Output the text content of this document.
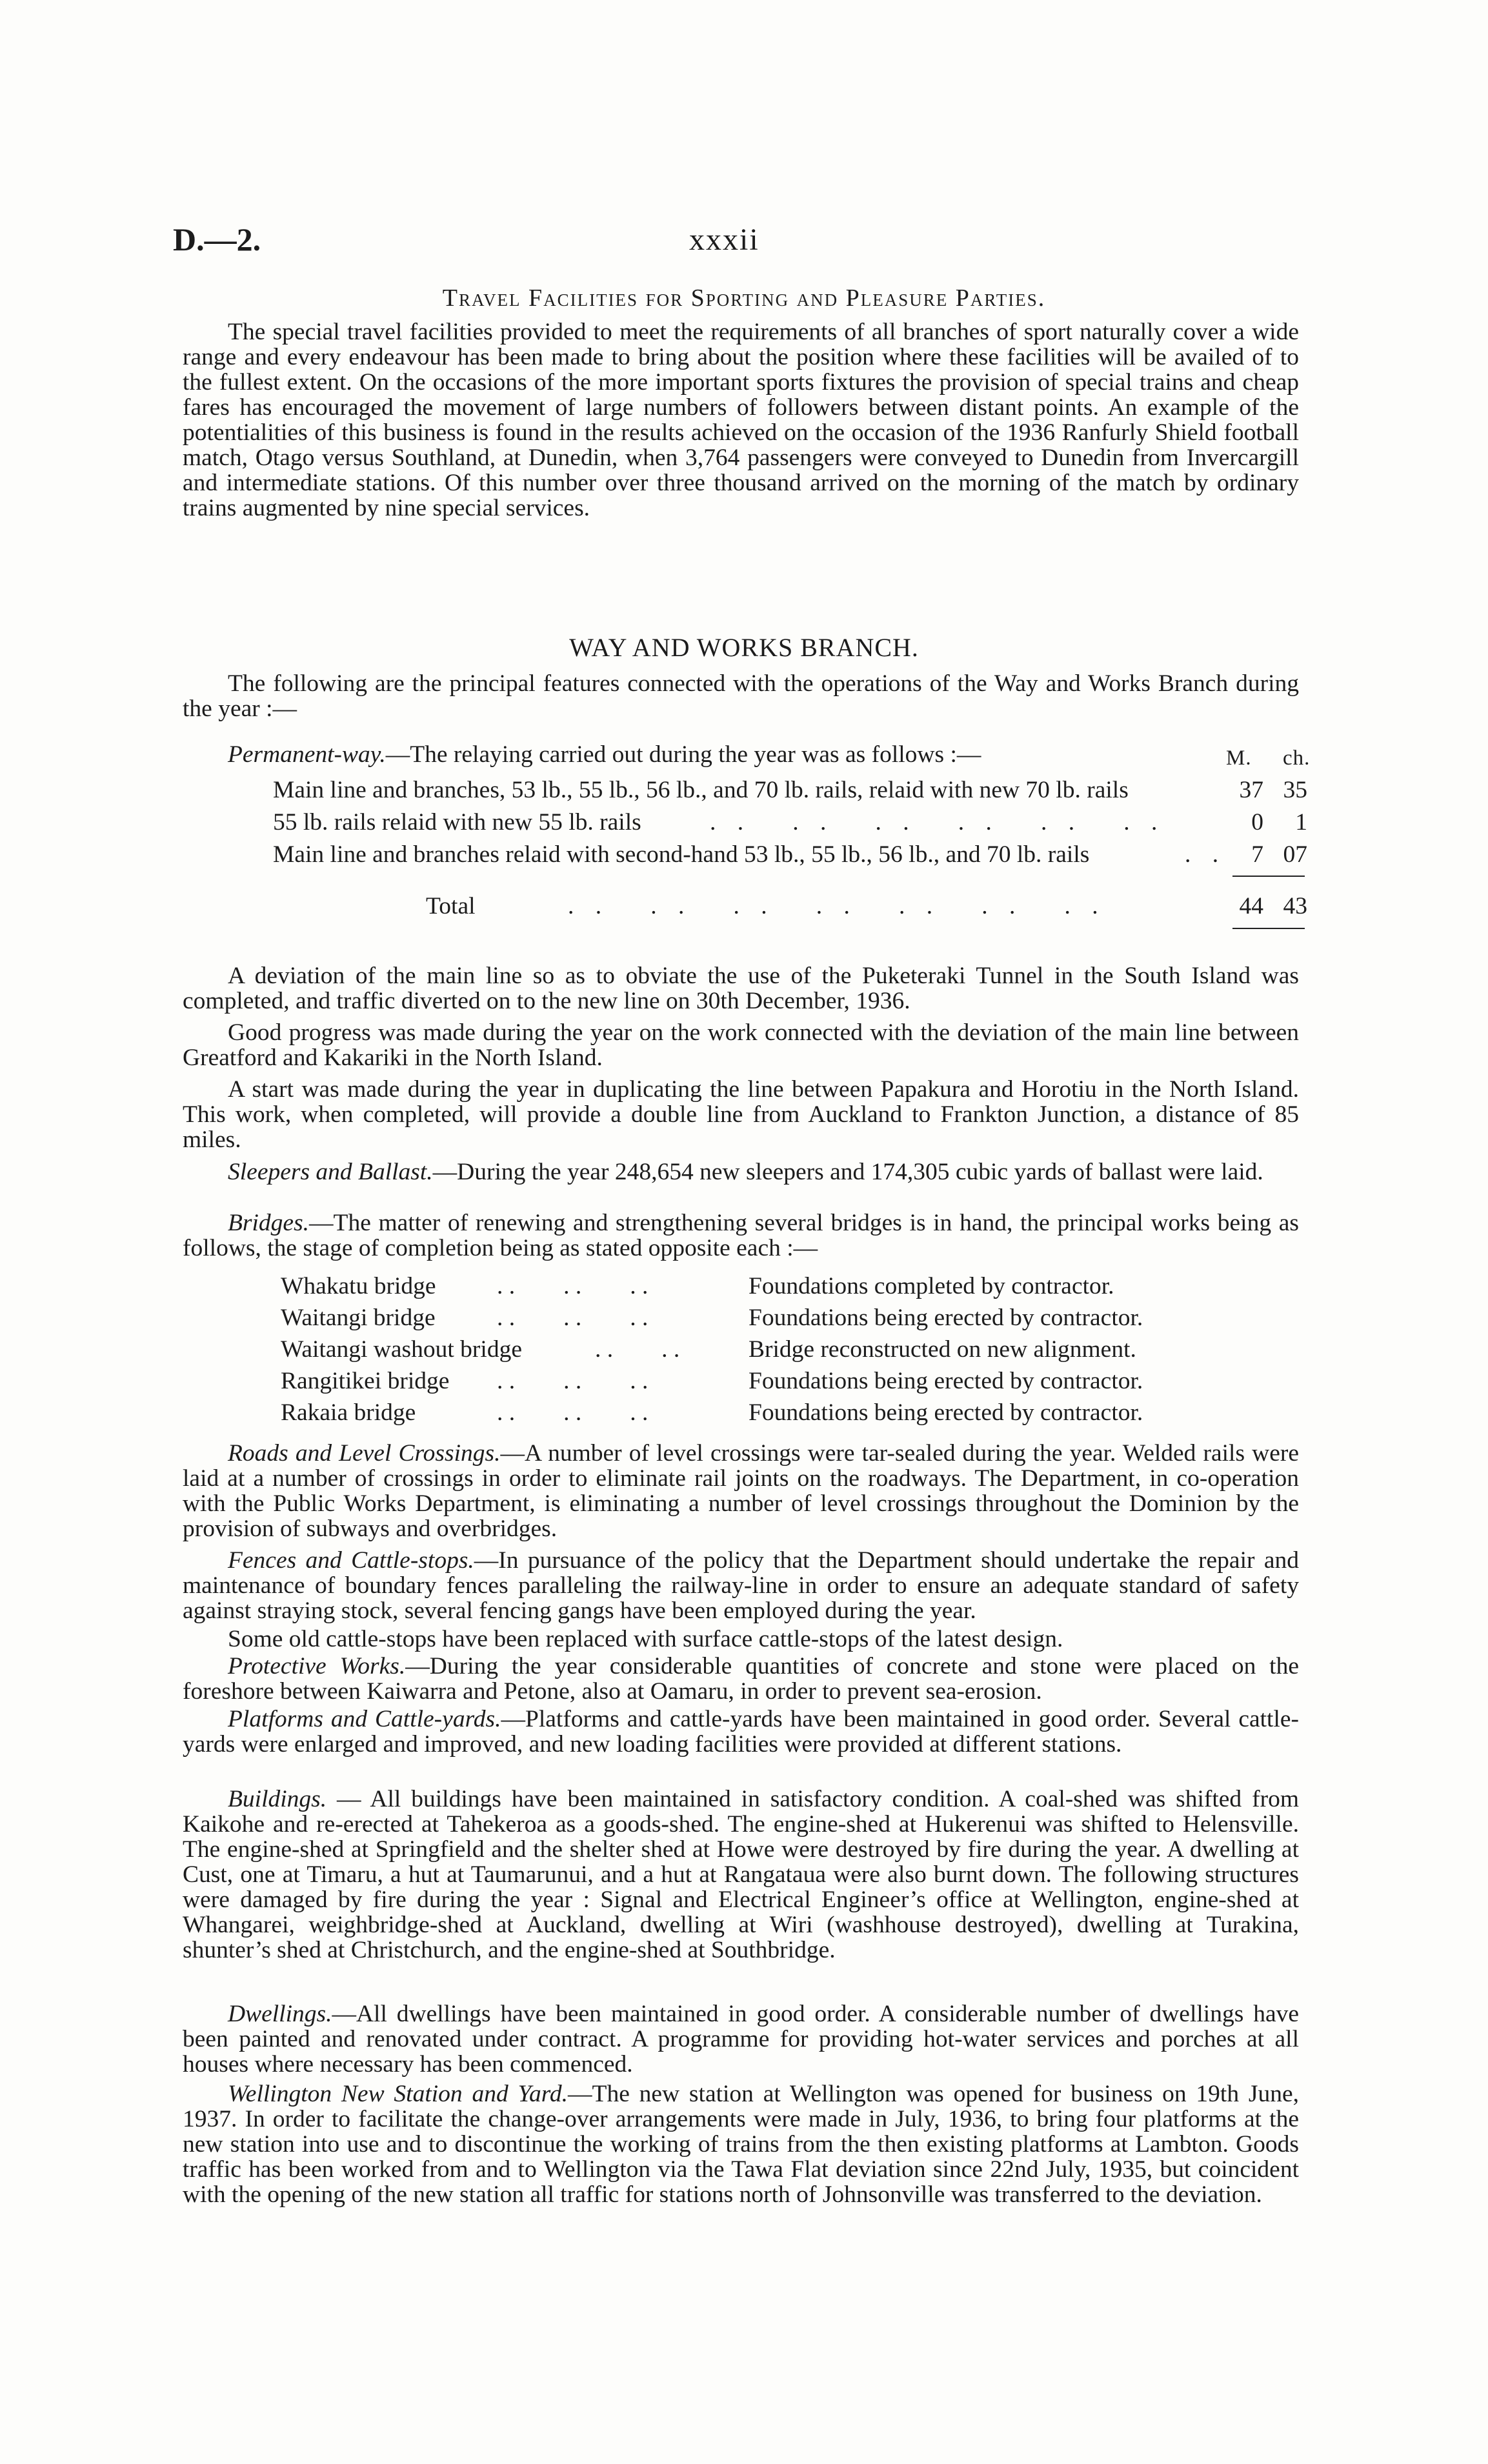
D.—2.	xxxii
Travel Facilities for Sporting and Pleasure Parties.
The special travel facilities provided to meet the requirements of all branches of sport naturally cover a wide range and every endeavour has been made to bring about the position where these facilities will be availed of to the fullest extent. On the occasions of the more important sports fixtures the provision of special trains and cheap fares has encouraged the movement of large numbers of followers between distant points. An example of the potentialities of this business is found in the results achieved on the occasion of the 1936 Ranfurly Shield football match, Otago versus Southland, at Dunedin, when 3,764 passengers were conveyed to Dunedin from Invercargill and intermediate stations. Of this number over three thousand arrived on the morning of the match by ordinary trains augmented by nine special services.
WAY AND WORKS BRANCH.
The following are the principal features connected with the operations of the Way and Works Branch during the year :—
Permanent-way.—The relaying carried out during the year was as follows :—	M. ch.
Main line and branches, 53 lb., 55 lb., 56 lb., and 70 lb. rails, relaid with new 70 lb. rails	37 35
55 lb. rails relaid with new 55 lb. rails	. .   . .   . .   . .   . .   . .	0	1
Main line and branches relaid with second-hand 53 lb., 55 lb., 56 lb., and 70 lb. rails	. .	7 07
Total	. .   . .   . .   . .   . .   . .   . .	44 43
A deviation of the main line so as to obviate the use of the Puketeraki Tunnel in the South Island was completed, and traffic diverted on to the new line on 30th December, 1936.
Good progress was made during the year on the work connected with the deviation of the main line between Greatford and Kakariki in the North Island.
A start was made during the year in duplicating the line between Papakura and Horotiu in the North Island. This work, when completed, will provide a double line from Auckland to Frankton Junction, a distance of 85 miles.
Sleepers and Ballast.—During the year 248,654 new sleepers and 174,305 cubic yards of ballast were laid.
Bridges.—The matter of renewing and strengthening several bridges is in hand, the principal works being as follows, the stage of completion being as stated opposite each :—
Whakatu bridge	. .        . .        . .	Foundations completed by contractor.
Waitangi bridge	. .        . .        . .	Foundations being erected by contractor.
Waitangi washout bridge	. .        . .	Bridge reconstructed on new alignment.
Rangitikei bridge . .        . .        . .	Foundations being erected by contractor.
Rakaia bridge	. .        . .        . .	Foundations being erected by contractor.
Roads and Level Crossings.—A number of level crossings were tar-sealed during the year. Welded rails were laid at a number of crossings in order to eliminate rail joints on the roadways. The Department, in co-operation with the Public Works Department, is eliminating a number of level crossings throughout the Dominion by the provision of subways and overbridges.
Fences and Cattle-stops.—In pursuance of the policy that the Department should undertake the repair and maintenance of boundary fences paralleling the railway-line in order to ensure an adequate standard of safety against straying stock, several fencing gangs have been employed during the year.
Some old cattle-stops have been replaced with surface cattle-stops of the latest design.
Protective Works.—During the year considerable quantities of concrete and stone were placed on the foreshore between Kaiwarra and Petone, also at Oamaru, in order to prevent sea-erosion.
Platforms and Cattle-yards.—Platforms and cattle-yards have been maintained in good order. Several cattle-yards were enlarged and improved, and new loading facilities were provided at different stations.
Buildings. — All buildings have been maintained in satisfactory condition. A coal-shed was shifted from Kaikohe and re-erected at Tahekeroa as a goods-shed. The engine-shed at Hukerenui was shifted to Helensville. The engine-shed at Springfield and the shelter shed at Howe were destroyed by fire during the year. A dwelling at Cust, one at Timaru, a hut at Taumarunui, and a hut at Rangataua were also burnt down. The following structures were damaged by fire during the year : Signal and Electrical Engineer’s office at Wellington, engine-shed at Whangarei, weighbridge-shed at Auckland, dwelling at Wiri (washhouse destroyed), dwelling at Turakina, shunter’s shed at Christchurch, and the engine-shed at Southbridge.
Dwellings.—All dwellings have been maintained in good order. A considerable number of dwellings have been painted and renovated under contract. A programme for providing hot-water services and porches at all houses where necessary has been commenced.
Wellington New Station and Yard.—The new station at Wellington was opened for business on 19th June, 1937. In order to facilitate the change-over arrangements were made in July, 1936, to bring four platforms at the new station into use and to discontinue the working of trains from the then existing platforms at Lambton. Goods traffic has been worked from and to Wellington via the Tawa Flat deviation since 22nd July, 1935, but coincident with the opening of the new station all traffic for stations north of Johnsonville was transferred to the deviation.
